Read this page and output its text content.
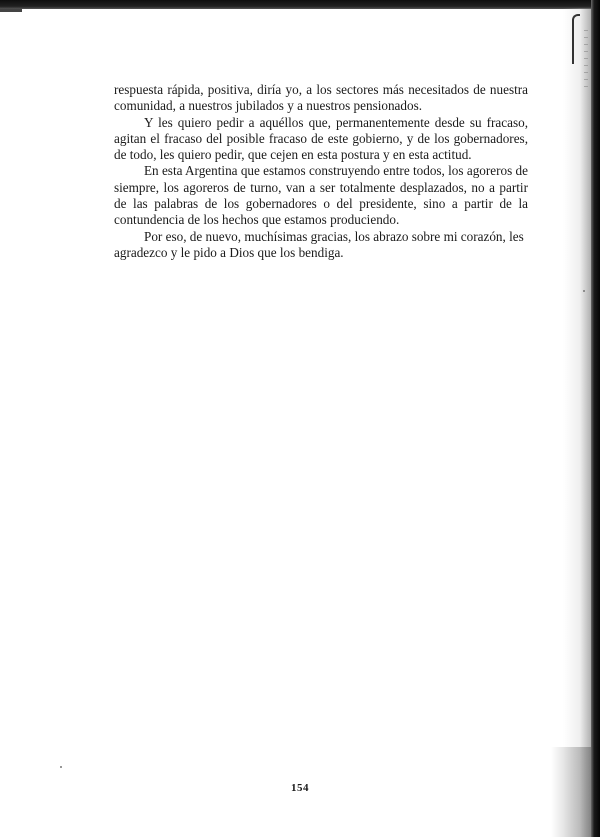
respuesta rápida, positiva, diría yo, a los sectores más necesitados de nuestra comunidad, a nuestros jubilados y a nuestros pensionados.

Y les quiero pedir a aquéllos que, permanentemente desde su fracaso, agitan el fracaso del posible fracaso de este gobierno, y de los gobernadores, de todo, les quiero pedir, que cejen en esta postura y en esta actitud.

En esta Argentina que estamos construyendo entre todos, los agoreros de siempre, los agoreros de turno, van a ser totalmente desplazados, no a partir de las palabras de los gobernadores o del presidente, sino a partir de la contundencia de los hechos que estamos produciendo.

Por eso, de nuevo, muchísimas gracias, los abrazo sobre mi corazón, les agradezco y le pido a Dios que los bendiga.

154
